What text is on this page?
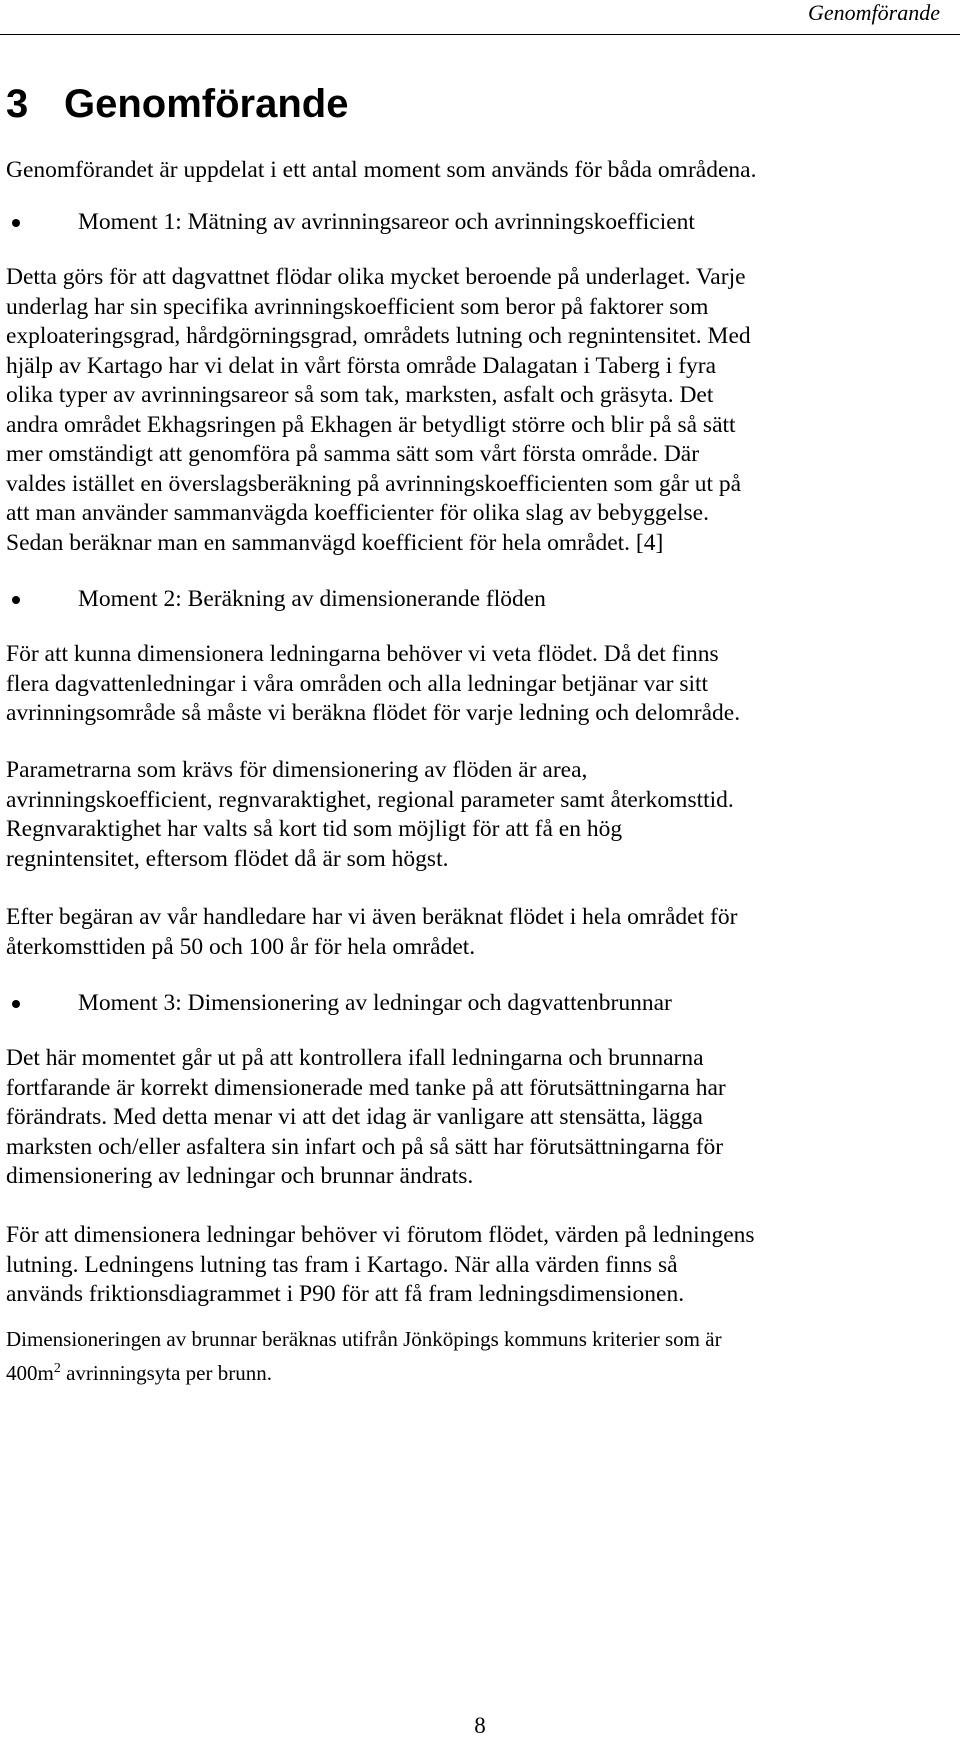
Genomförande
3 Genomförande

Genomförandet är uppdelat i ett antal moment som används för båda områdena.

Moment 1: Mätning av avrinningsareor och avrinningskoefficient

Detta görs för att dagvattnet flödar olika mycket beroende på underlaget. Varje
underlag har sin specifika avrinningskoefficient som beror på faktorer som
exploateringsgrad, hårdgörningsgrad, områdets lutning och regnintensitet. Med
hjälp av Kartago har vi delat in vårt första område Dalagatan i Taberg i fyra
olika typer av avrinningsareor så som tak, marksten, asfalt och gräsyta. Det
andra området Ekhagsringen på Ekhagen är betydligt större och blir på så sätt
mer omständigt att genomföra på samma sätt som vårt första område. Där
valdes istället en överslagsberäkning på avrinningskoefficienten som går ut på
att man använder sammanvägda koefficienter för olika slag av bebyggelse.
Sedan beräknar man en sammanvägd koefficient för hela området. [4]

Moment 2: Beräkning av dimensionerande flöden

För att kunna dimensionera ledningarna behöver vi veta flödet. Då det finns
flera dagvattenledningar i våra områden och alla ledningar betjänar var sitt
avrinningsområde så måste vi beräkna flödet för varje ledning och delområde.

Parametrarna som krävs för dimensionering av flöden är area,
avrinningskoefficient, regnvaraktighet, regional parameter samt återkomsttid.
Regnvaraktighet har valts så kort tid som möjligt för att få en hög
regnintensitet, eftersom flödet då är som högst.

Efter begäran av vår handledare har vi även beräknat flödet i hela området för
återkomsttiden på 50 och 100 år för hela området.

Moment 3: Dimensionering av ledningar och dagvattenbrunnar

Det här momentet går ut på att kontrollera ifall ledningarna och brunnarna
fortfarande är korrekt dimensionerade med tanke på att förutsättningarna har
förändrats. Med detta menar vi att det idag är vanligare att stensätta, lägga
marksten och/eller asfaltera sin infart och på så sätt har förutsättningarna för
dimensionering av ledningar och brunnar ändrats.

För att dimensionera ledningar behöver vi förutom flödet, värden på ledningens
lutning. Ledningens lutning tas fram i Kartago. När alla värden finns så
används friktionsdiagrammet i P90 för att få fram ledningsdimensionen.

Dimensioneringen av brunnar beräknas utifrån Jönköpings kommuns kriterier som är
$400m^2$ avrinningsyta per brunn.

8
